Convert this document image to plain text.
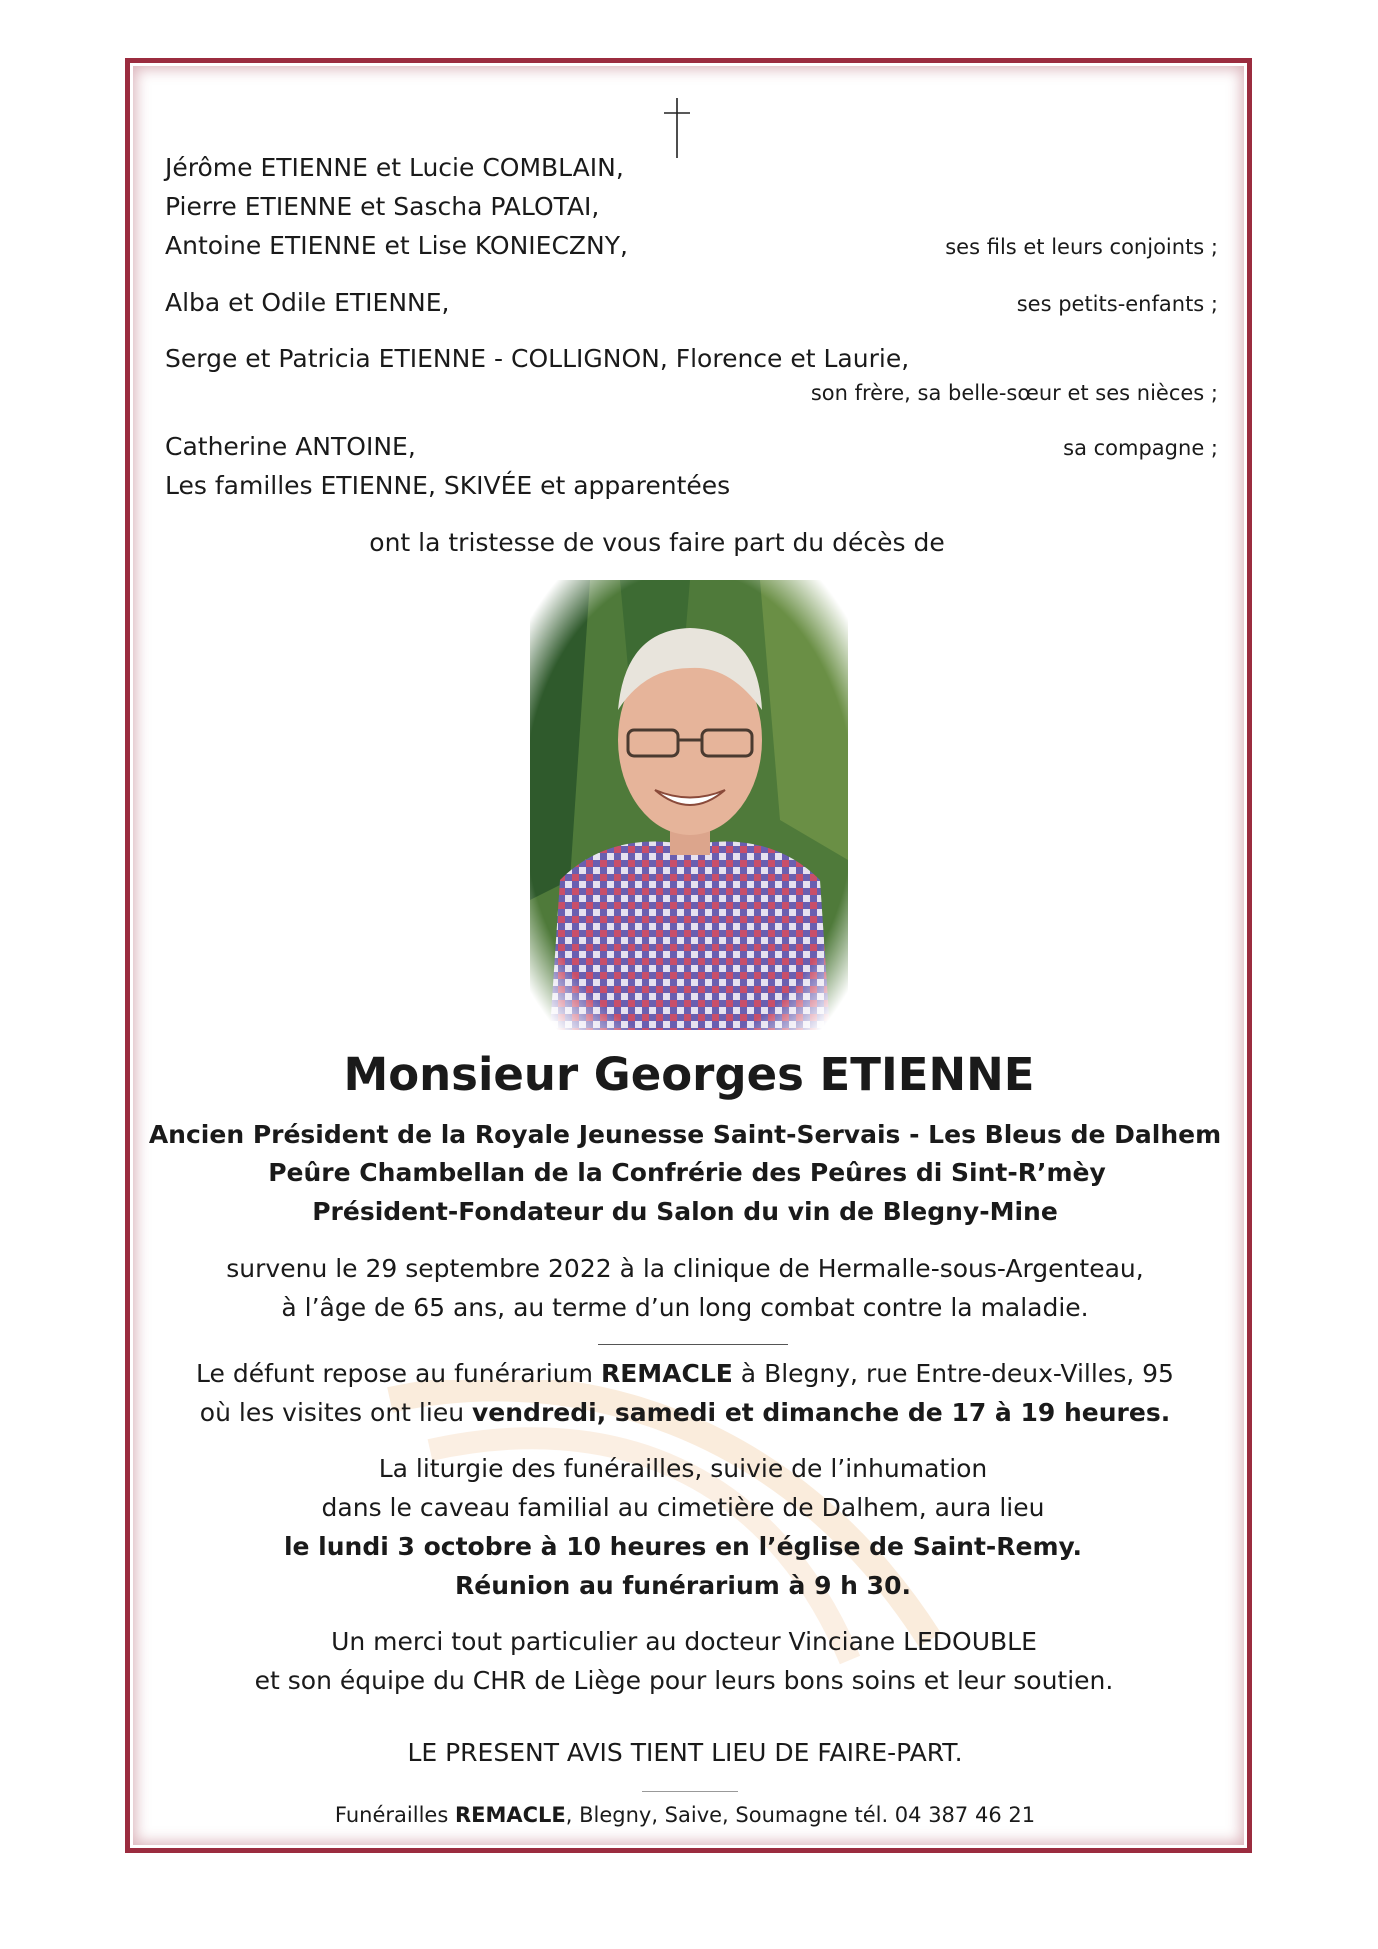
Jérôme ETIENNE et Lucie COMBLAIN,
Pierre ETIENNE et Sascha PALOTAI,
Antoine ETIENNE et Lise KONIECZNY,	ses fils et leurs conjoints ;
Alba et Odile ETIENNE,	ses petits-enfants ;
Serge et Patricia ETIENNE - COLLIGNON, Florence et Laurie,
son frère, sa belle-sœur et ses nièces ;
Catherine ANTOINE,	sa compagne ;
Les familles ETIENNE, SKIVÉE et apparentées
ont la tristesse de vous faire part du décès de
Monsieur Georges ETIENNE
Ancien Président de la Royale Jeunesse Saint-Servais - Les Bleus de Dalhem
Peûre Chambellan de la Confrérie des Peûres di Sint-R’mèy
Président-Fondateur du Salon du vin de Blegny-Mine
survenu le 29 septembre 2022 à la clinique de Hermalle-sous-Argenteau,
à l’âge de 65 ans, au terme d’un long combat contre la maladie.
Le défunt repose au funérarium REMACLE à Blegny, rue Entre-deux-Villes, 95
où les visites ont lieu vendredi, samedi et dimanche de 17 à 19 heures.
La liturgie des funérailles, suivie de l’inhumation
dans le caveau familial au cimetière de Dalhem, aura lieu
le lundi 3 octobre à 10 heures en l’église de Saint-Remy.
Réunion au funérarium à 9 h 30.
Un merci tout particulier au docteur Vinciane LEDOUBLE
et son équipe du CHR de Liège pour leurs bons soins et leur soutien.
LE PRESENT AVIS TIENT LIEU DE FAIRE-PART.
Funérailles REMACLE, Blegny, Saive, Soumagne tél. 04 387 46 21
